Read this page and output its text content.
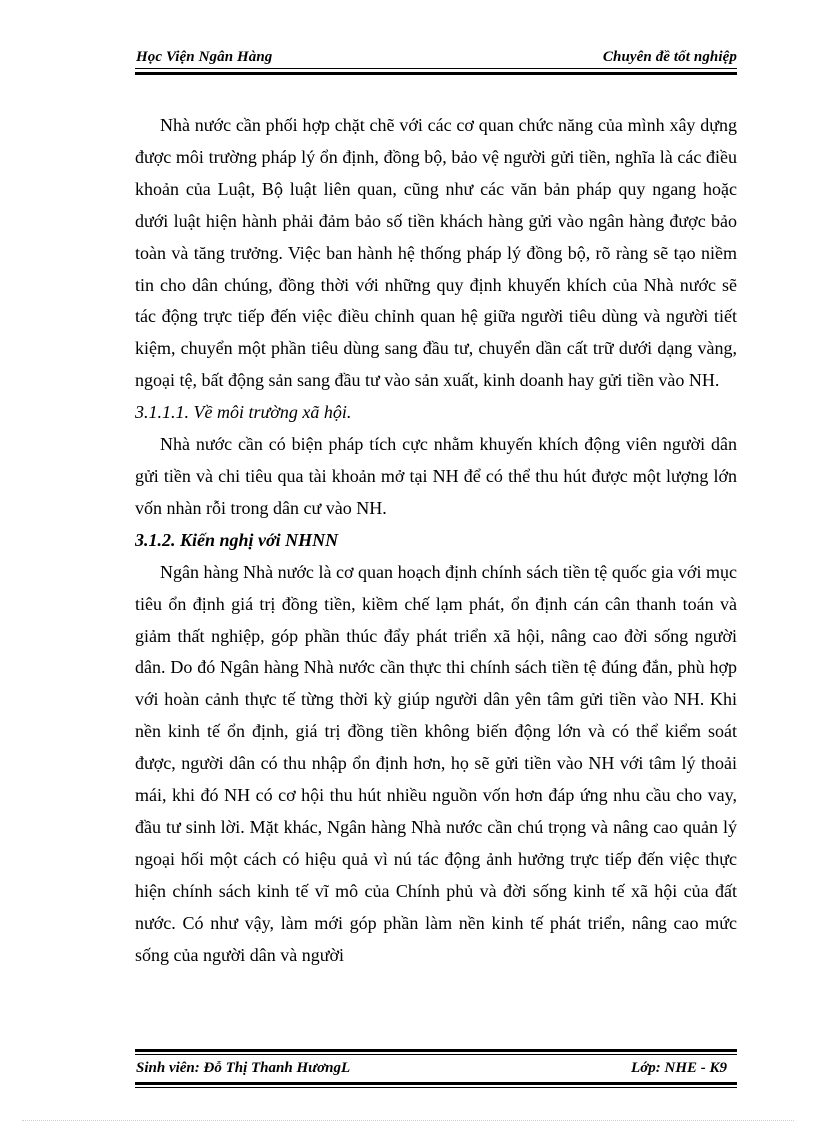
Học Viện Ngân Hàng	Chuyên đề tốt nghiệp

Nhà nước cần phối hợp chặt chẽ với các cơ quan chức năng của mình xây dựng được môi trường pháp lý ổn định, đồng bộ, bảo vệ người gửi tiền, nghĩa là các điều khoản của Luật, Bộ luật liên quan, cũng như các văn bản pháp quy ngang hoặc dưới luật hiện hành phải đảm bảo số tiền khách hàng gửi vào ngân hàng được bảo toàn và tăng trưởng. Việc ban hành hệ thống pháp lý đồng bộ, rõ ràng sẽ tạo niềm tin cho dân chúng, đồng thời với những quy định khuyến khích của Nhà nước sẽ tác động trực tiếp đến việc điều chỉnh quan hệ giữa người tiêu dùng và người tiết kiệm, chuyển một phần tiêu dùng sang đầu tư, chuyển dần cất trữ dưới dạng vàng, ngoại tệ, bất động sản sang đầu tư vào sản xuất, kinh doanh hay gửi tiền vào NH.

3.1.1.1. Về môi trường xã hội.

Nhà nước cần có biện pháp tích cực nhằm khuyến khích động viên người dân gửi tiền và chi tiêu qua tài khoản mở tại NH để có thể thu hút được một lượng lớn vốn nhàn rỗi trong dân cư vào NH.

3.1.2. Kiến nghị với NHNN

Ngân hàng Nhà nước là cơ quan hoạch định chính sách tiền tệ quốc gia với mục tiêu ổn định giá trị đồng tiền, kiềm chế lạm phát, ổn định cán cân thanh toán và giảm thất nghiệp, góp phần thúc đẩy phát triển xã hội, nâng cao đời sống người dân. Do đó Ngân hàng Nhà nước cần thực thi chính sách tiền tệ đúng đắn, phù hợp với hoàn cảnh thực tế từng thời kỳ giúp người dân yên tâm gửi tiền vào NH. Khi nền kinh tế ổn định, giá trị đồng tiền không biến động lớn và có thể kiểm soát được, người dân có thu nhập ổn định hơn, họ sẽ gửi tiền vào NH với tâm lý thoải mái, khi đó NH có cơ hội thu hút nhiều nguồn vốn hơn đáp ứng nhu cầu cho vay, đầu tư sinh lời. Mặt khác, Ngân hàng Nhà nước cần chú trọng và nâng cao quản lý ngoại hối một cách có hiệu quả vì nú tác động ảnh hưởng trực tiếp đến việc thực hiện chính sách kinh tế vĩ mô của Chính phủ và đời sống kinh tế xã hội của đất nước. Có như vậy, làm mới góp phần làm nền kinh tế phát triển, nâng cao mức sống của người dân và người

Sinh viên: Đỗ Thị Thanh HươngL	Lớp: NHE - K9
